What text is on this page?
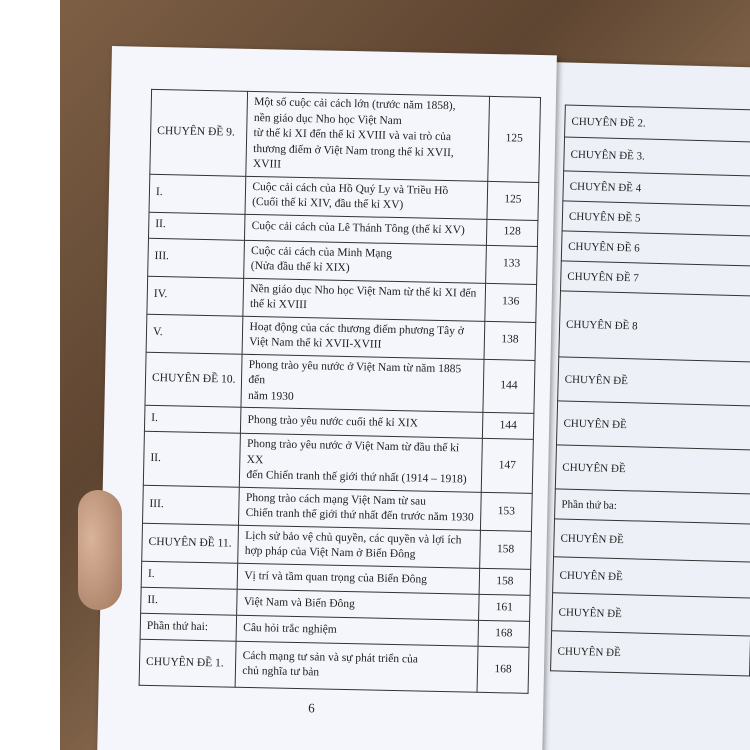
CHUYÊN ĐỀ 2.
CHUYÊN ĐỀ 3.
CHUYÊN ĐỀ 4
CHUYÊN ĐỀ 5
CHUYÊN ĐỀ 6
CHUYÊN ĐỀ 7
CHUYÊN ĐỀ 8
CHUYÊN ĐỀ
CHUYÊN ĐỀ
CHUYÊN ĐỀ
Phần thứ ba:
CHUYÊN ĐỀ
CHUYÊN ĐỀ
CHUYÊN ĐỀ
CHUYÊN ĐỀ
CHUYÊN ĐỀ 9.	Một số cuộc cải cách lớn (trước năm 1858),
nền giáo dục Nho học Việt Nam
từ thế kỉ XI đến thế kỉ XVIII và vai trò của
thương điếm ở Việt Nam trong thế kỉ XVII, XVIII	125
I.	Cuộc cải cách của Hồ Quý Ly và Triều Hồ
(Cuối thế kỉ XIV, đầu thế kỉ XV)	125
II.	Cuộc cải cách của Lê Thánh Tông (thế kỉ XV)	128
III.	Cuộc cải cách của Minh Mạng
(Nửa đầu thế kỉ XIX)	133
IV.	Nền giáo dục Nho học Việt Nam từ thế kỉ XI đến
thế kỉ XVIII	136
V.	Hoạt động của các thương điếm phương Tây ở
Việt Nam thế kỉ XVII-XVIII	138
CHUYÊN ĐỀ 10.	Phong trào yêu nước ở Việt Nam từ năm 1885 đến
năm 1930	144
I.	Phong trào yêu nước cuối thế kỉ XIX	144
II.	Phong trào yêu nước ở Việt Nam từ đầu thế kỉ XX
đến Chiến tranh thế giới thứ nhất (1914 – 1918)	147
III.	Phong trào cách mạng Việt Nam từ sau
Chiến tranh thế giới thứ nhất đến trước năm 1930	153
CHUYÊN ĐỀ 11.	Lịch sử bảo vệ chủ quyền, các quyền và lợi ích
hợp pháp của Việt Nam ở Biển Đông	158
I.	Vị trí và tầm quan trọng của Biển Đông	158
II.	Việt Nam và Biển Đông	161
Phần thứ hai:	Câu hỏi trắc nghiệm	168
CHUYÊN ĐỀ 1.	Cách mạng tư sản và sự phát triển của
chủ nghĩa tư bản	168
6
